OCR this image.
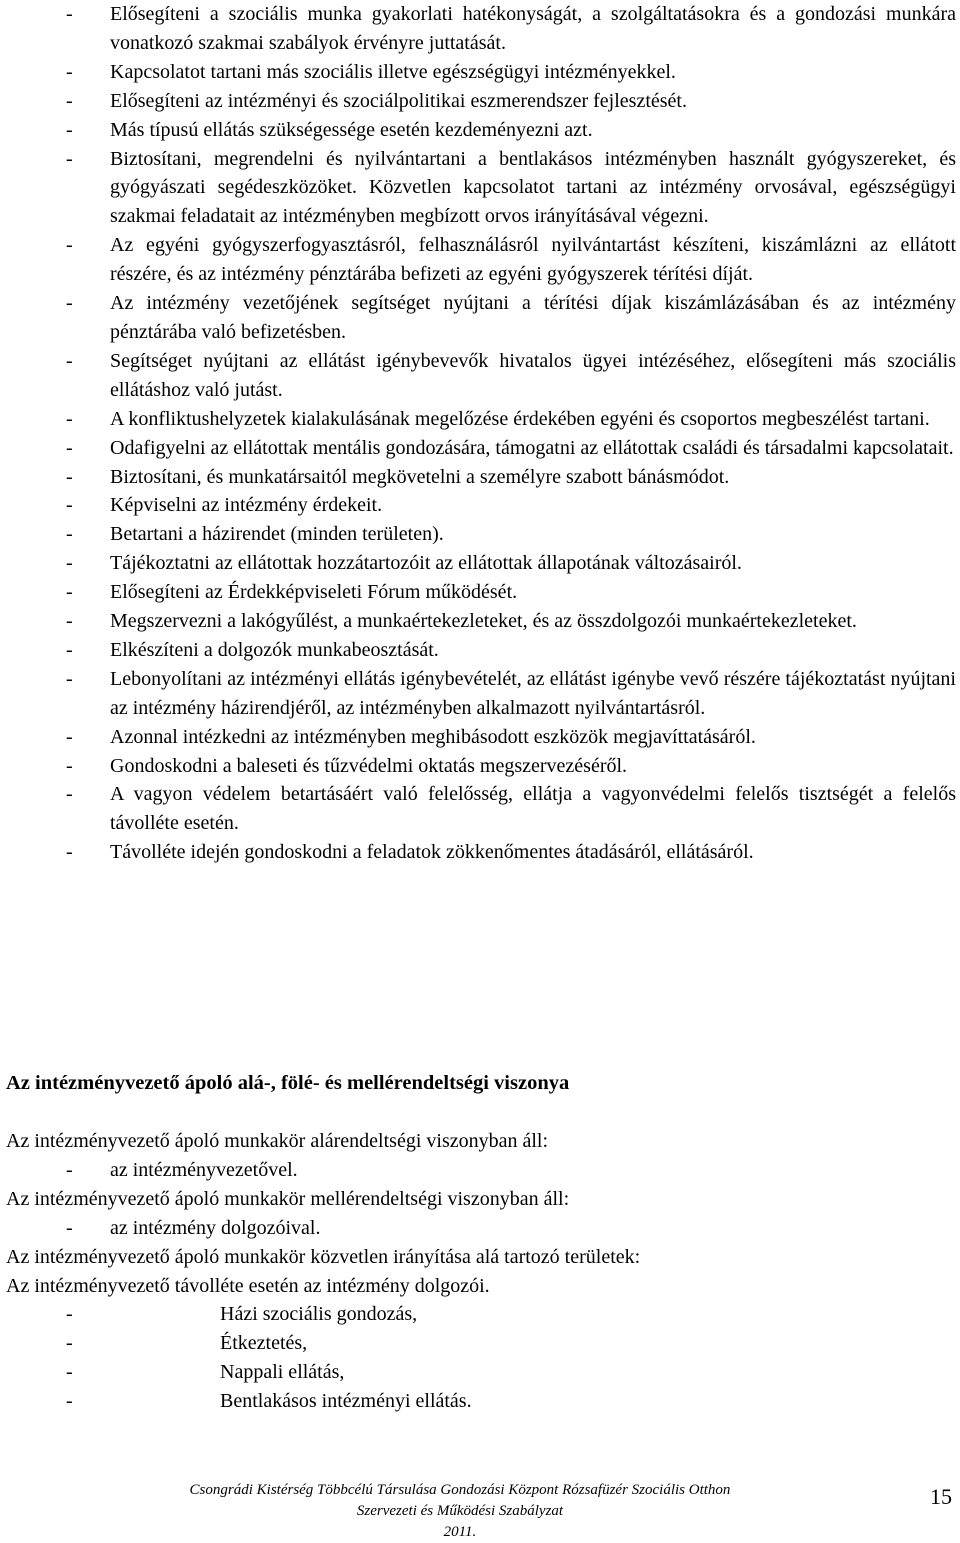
-	Elősegíteni a szociális munka gyakorlati hatékonyságát, a szolgáltatásokra és a gondozási munkára vonatkozó szakmai szabályok érvényre juttatását.
-	Kapcsolatot tartani más szociális illetve egészségügyi intézményekkel.
-	Elősegíteni az intézményi és szociálpolitikai eszmerendszer fejlesztését.
-	Más típusú ellátás szükségessége esetén kezdeményezni azt.
-	Biztosítani, megrendelni és nyilvántartani a bentlakásos intézményben használt gyógyszereket, és gyógyászati segédeszközöket. Közvetlen kapcsolatot tartani az intézmény orvosával, egészségügyi szakmai feladatait az intézményben megbízott orvos irányításával végezni.
-	Az egyéni gyógyszerfogyasztásról, felhasználásról nyilvántartást készíteni, kiszámlázni az ellátott részére, és az intézmény pénztárába befizeti az egyéni gyógyszerek térítési díját.
-	Az intézmény vezetőjének segítséget nyújtani a térítési díjak kiszámlázásában és az intézmény pénztárába való befizetésben.
-	Segítséget nyújtani az ellátást igénybevevők hivatalos ügyei intézéséhez, elősegíteni más szociális ellátáshoz való jutást.
-	A konfliktushelyzetek kialakulásának megelőzése érdekében egyéni és csoportos megbeszélést tartani.
-	Odafigyelni az ellátottak mentális gondozására, támogatni az ellátottak családi és társadalmi kapcsolatait.
-	Biztosítani, és munkatársaitól megkövetelni a személyre szabott bánásmódot.
-	Képviselni az intézmény érdekeit.
-	Betartani a házirendet (minden területen).
-	Tájékoztatni az ellátottak hozzátartozóit az ellátottak állapotának változásairól.
-	Elősegíteni az Érdekképviseleti Fórum működését.
-	Megszervezni a lakógyűlést, a munkaértekezleteket, és az összdolgozói munkaértekezleteket.
-	Elkészíteni a dolgozók munkabeosztását.
-	Lebonyolítani az intézményi ellátás igénybevételét, az ellátást igénybe vevő részére tájékoztatást nyújtani az intézmény házirendjéről, az intézményben alkalmazott nyilvántartásról.
-	Azonnal intézkedni az intézményben meghibásodott eszközök megjavíttatásáról.
-	Gondoskodni a baleseti és tűzvédelmi oktatás megszervezéséről.
-	A vagyon védelem betartásáért való felelősség, ellátja a vagyonvédelmi felelős tisztségét a felelős távolléte esetén.
-	Távolléte idején gondoskodni a feladatok zökkenőmentes átadásáról, ellátásáról.
Az intézményvezető ápoló alá-, fölé- és mellérendeltségi viszonya
Az intézményvezető ápoló munkakör alárendeltségi viszonyban áll:
- az intézményvezetővel.
Az intézményvezető ápoló munkakör mellérendeltségi viszonyban áll:
- az intézmény dolgozóival.
Az intézményvezető ápoló munkakör közvetlen irányítása alá tartozó területek:
Az intézményvezető távolléte esetén az intézmény dolgozói.
-	Házi szociális gondozás,
-	Étkeztetés,
-	Nappali ellátás,
-	Bentlakásos intézményi ellátás.
Csongrádi Kistérség Többcélú Társulása Gondozási Központ Rózsafüzér Szociális Otthon
Szervezeti és Működési Szabályzat
2011.
15
